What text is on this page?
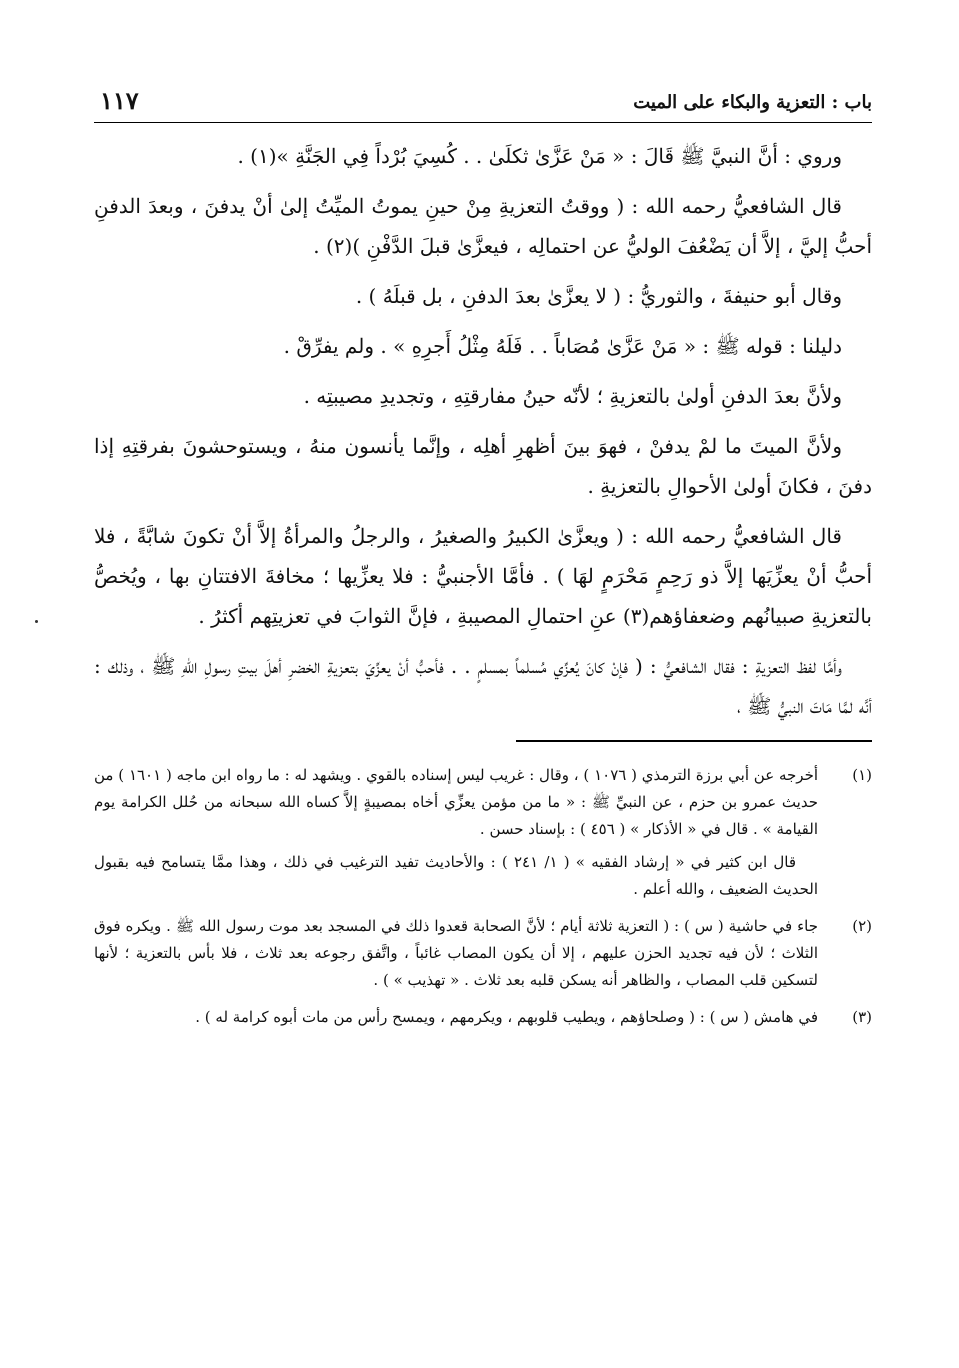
باب : التعزية والبكاء على الميت
١١٧

وروي : أنَّ النبيَّ ﷺ قَالَ : « مَنْ عَزَّىٰ ثكلَىٰ . . كُسِيَ بُرْداً فِي الجَنَّةِ »(١) .

قال الشافعيُّ رحمه الله : ( ووقتُ التعزيةِ مِنْ حينِ يموتُ الميِّتُ إلىٰ أنْ يدفنَ ، وبعدَ الدفنِ أحبُّ إليَّ ، إلاَّ أن يَضْعُفَ الوليُّ عن احتمالِه ، فيعزَّىٰ قبلَ الدَّفْنِ )(٢) .

وقال أبو حنيفةَ ، والثوريُّ : ( لا يعزَّىٰ بعدَ الدفنِ ، بل قبلَهُ ) .

دليلنا : قوله ﷺ : « مَنْ عَزَّىٰ مُصَاباً . . فَلَهُ مِثْلُ أَجرِهِ » . ولم يفرِّقْ .

ولأنَّ بعدَ الدفنِ أولىٰ بالتعزيةِ ؛ لأنّه حينُ مفارقتِهِ ، وتجديدِ مصيبتِه .

ولأنَّ الميتَ ما لمْ يدفنْ ، فهوَ بينَ أظهرِ أهلِه ، وإنَّما يأنسون منهُ ، ويستوحشونَ بفرقتِهِ إذا دفنَ ، فكانَ أولىٰ الأحوالِ بالتعزيةِ .

قال الشافعيُّ رحمه الله : ( ويعزَّىٰ الكبيرُ والصغيرُ ، والرجلُ والمرأةُ إلاَّ أنْ تكونَ شابَّةً ، فلا أحبُّ أنْ يعزِّيَها إلاَّ ذو رَحِمٍ مَحْرَمٍ لهَا ) . فأمَّا الأجنبيُّ : فلا يعزِّيها ؛ مخافةَ الافتتانِ بها ، ويُخصُّ بالتعزيةِ صبيانُهم وضعفاؤهم(٣) عنِ احتمالِ المصيبةِ ، فإنَّ الثوابَ في تعزيتِهم أكثرُ .

وأمَّا لفظ التعزيةِ : فقال الشافعيُّ : ( فإنْ كانَ يُعزِّي مُسلماً بمسلمٍ . . فأحبُّ أنْ يعزِّيَ بتعزيةِ الخضرِ أهلَ بيتِ رسولِ اللهِ ﷺ ، وذلك : أنَّه لمَّا مَاتَ النبيُّ ﷺ ،

(١)

أخرجه عن أبي برزة الترمذي ( ١٠٧٦ ) ، وقال : غريب ليس إسناده بالقوي . ويشهد له : ما رواه ابن ماجه ( ١٦٠١ ) من حديث عمرو بن حزم ، عن النبيِّ ﷺ : « ما من مؤمن يعزِّي أخاه بمصيبةٍ إلاَّ كساه الله سبحانه من حُلل الكرامة يوم القيامة » . قال في « الأذكار » ( ٤٥٦ ) : بإسناد حسن .

قال ابن كثير في « إرشاد الفقيه » ( ١/ ٢٤١ ) : والأحاديث تفيد الترغيب في ذلك ، وهذا ممَّا يتسامح فيه بقبول الحديث الضعيف ، والله أعلم .

(٢)

جاء في حاشية ( س ) : ( التعزية ثلاثة أيام ؛ لأنَّ الصحابة قعدوا ذلك في المسجد بعد موت رسول الله ﷺ . ويكره فوق الثلاث ؛ لأن فيه تجديد الحزن عليهم ، إلا أن يكون المصاب غائباً ، واتَّفق رجوعه بعد ثلاث ، فلا بأس بالتعزية ؛ لأنها لتسكين قلب المصاب ، والظاهر أنه يسكن قلبه بعد ثلاث . « تهذيب » ) .

(٣)

في هامش ( س ) : ( وصلحاؤهم ، ويطيب قلوبهم ، ويكرمهم ، ويمسح رأس من مات أبوه كرامة له ) .
